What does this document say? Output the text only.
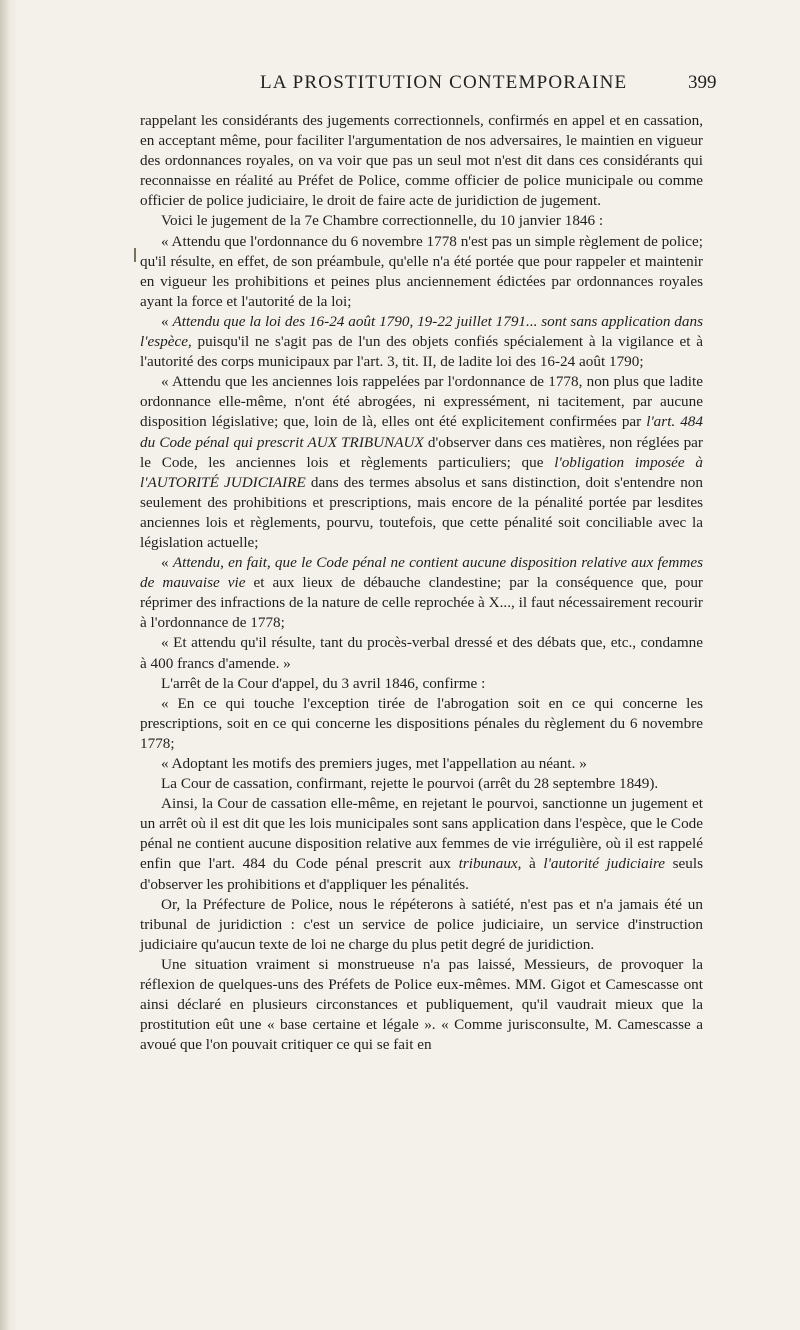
LA PROSTITUTION CONTEMPORAINE	399

rappelant les considérants des jugements correctionnels, confirmés en appel et en cassation, en acceptant même, pour faciliter l'argumentation de nos adversaires, le maintien en vigueur des ordonnances royales, on va voir que pas un seul mot n'est dit dans ces considérants qui reconnaisse en réalité au Préfet de Police, comme officier de police municipale ou comme officier de police judiciaire, le droit de faire acte de juridiction de jugement.

Voici le jugement de la 7e Chambre correctionnelle, du 10 janvier 1846 :

« Attendu que l'ordonnance du 6 novembre 1778 n'est pas un simple règlement de police; qu'il résulte, en effet, de son préambule, qu'elle n'a été portée que pour rappeler et maintenir en vigueur les prohibitions et peines plus anciennement édictées par ordonnances royales ayant la force et l'autorité de la loi;

« Attendu que la loi des 16-24 août 1790, 19-22 juillet 1791... sont sans application dans l'espèce, puisqu'il ne s'agit pas de l'un des objets confiés spécialement à la vigilance et à l'autorité des corps municipaux par l'art. 3, tit. II, de ladite loi des 16-24 août 1790;

« Attendu que les anciennes lois rappelées par l'ordonnance de 1778, non plus que ladite ordonnance elle-même, n'ont été abrogées, ni expressément, ni tacitement, par aucune disposition législative; que, loin de là, elles ont été explicitement confirmées par l'art. 484 du Code pénal qui prescrit AUX TRIBUNAUX d'observer dans ces matières, non réglées par le Code, les anciennes lois et règlements particuliers; que l'obligation imposée à l'AUTORITÉ JUDICIAIRE dans des termes absolus et sans distinction, doit s'entendre non seulement des prohibitions et prescriptions, mais encore de la pénalité portée par lesdites anciennes lois et règlements, pourvu, toutefois, que cette pénalité soit conciliable avec la législation actuelle;

« Attendu, en fait, que le Code pénal ne contient aucune disposition relative aux femmes de mauvaise vie et aux lieux de débauche clandestine; par la conséquence que, pour réprimer des infractions de la nature de celle reprochée à X..., il faut nécessairement recourir à l'ordonnance de 1778;

« Et attendu qu'il résulte, tant du procès-verbal dressé et des débats que, etc., condamne à 400 francs d'amende. »

L'arrêt de la Cour d'appel, du 3 avril 1846, confirme :

« En ce qui touche l'exception tirée de l'abrogation soit en ce qui concerne les prescriptions, soit en ce qui concerne les dispositions pénales du règlement du 6 novembre 1778;

« Adoptant les motifs des premiers juges, met l'appellation au néant. »

La Cour de cassation, confirmant, rejette le pourvoi (arrêt du 28 septembre 1849).

Ainsi, la Cour de cassation elle-même, en rejetant le pourvoi, sanctionne un jugement et un arrêt où il est dit que les lois municipales sont sans application dans l'espèce, que le Code pénal ne contient aucune disposition relative aux femmes de vie irrégulière, où il est rappelé enfin que l'art. 484 du Code pénal prescrit aux tribunaux, à l'autorité judiciaire seuls d'observer les prohibitions et d'appliquer les pénalités.

Or, la Préfecture de Police, nous le répéterons à satiété, n'est pas et n'a jamais été un tribunal de juridiction : c'est un service de police judiciaire, un service d'instruction judiciaire qu'aucun texte de loi ne charge du plus petit degré de juridiction.

Une situation vraiment si monstrueuse n'a pas laissé, Messieurs, de provoquer la réflexion de quelques-uns des Préfets de Police eux-mêmes. MM. Gigot et Camescasse ont ainsi déclaré en plusieurs circonstances et publiquement, qu'il vaudrait mieux que la prostitution eût une « base certaine et légale ». « Comme jurisconsulte, M. Camescasse a avoué que l'on pouvait critiquer ce qui se fait en
